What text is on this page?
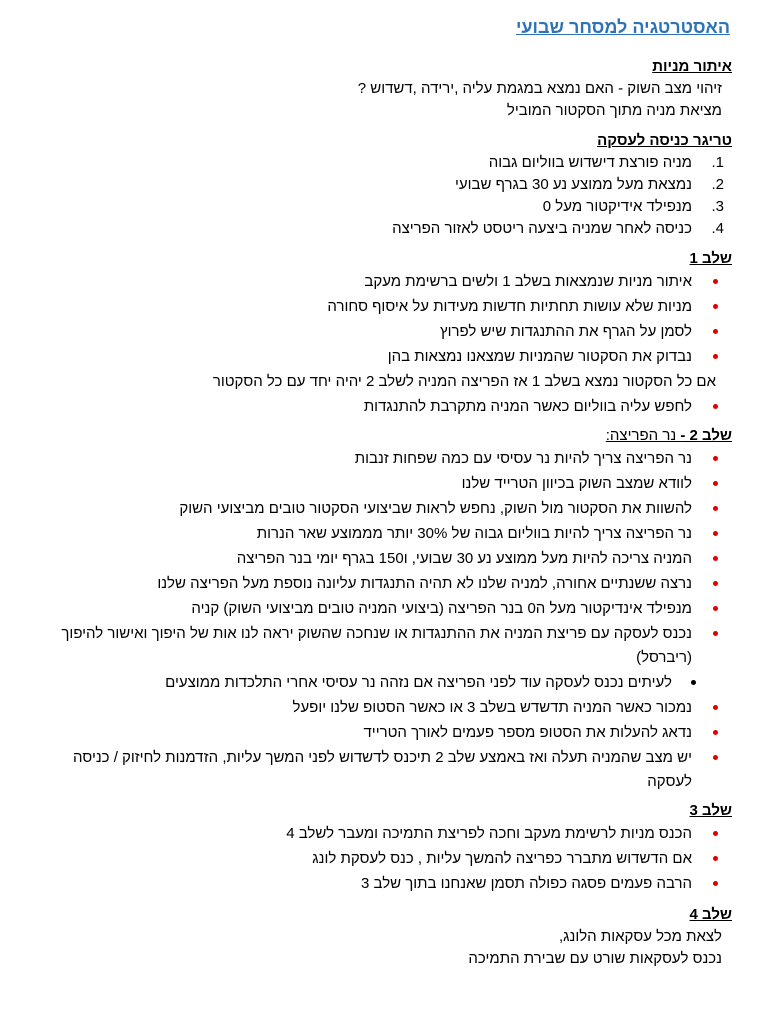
האסטרטגיה למסחר שבועי
איתור מניות
זיהוי מצב השוק - האם נמצא במגמת עליה ,ירידה ,דשדוש ?
מציאת מניה מתוך הסקטור המוביל
טריגר כניסה לעסקה
1.
מניה פורצת דישדוש בווליום גבוה
2.
נמצאת מעל ממוצע נע 30 בגרף שבועי
3.
מנפילד אידיקטור מעל 0
4.
כניסה לאחר שמניה ביצעה ריטסט לאזור הפריצה
שלב 1
איתור מניות שנמצאות בשלב 1 ולשים ברשימת מעקב
מניות שלא עושות תחתיות חדשות מעידות על איסוף סחורה
לסמן על הגרף את ההתנגדות שיש לפרוץ
נבדוק את הסקטור שהמניות שמצאנו נמצאות בהן
אם כל הסקטור נמצא בשלב 1 אז הפריצה המניה לשלב 2 יהיה יחד עם כל הסקטור
לחפש עליה בווליום כאשר המניה מתקרבת להתנגדות
שלב 2 - נר הפריצה:
נר הפריצה צריך להיות נר עסיסי עם כמה שפחות זנבות
לוודא שמצב השוק בכיוון הטרייד שלנו
להשוות את הסקטור מול השוק, נחפש לראות שביצועי הסקטור טובים מביצועי השוק
נר הפריצה צריך להיות בווליום גבוה של 30% יותר מממוצע שאר הנרות
המניה צריכה להיות מעל ממוצע נע 30 שבועי, ו150 בגרף יומי בנר הפריצה
נרצה ששנתיים אחורה, למניה שלנו לא תהיה התנגדות עליונה נוספת מעל הפריצה שלנו
מנפילד אינדיקטור מעל ה0 בנר הפריצה (ביצועי המניה טובים מביצועי השוק) קניה
נכנס לעסקה עם פריצת המניה את ההתנגדות או שנחכה שהשוק יראה לנו אות של היפוך ואישור להיפוך (ריברסל)
לעיתים נכנס לעסקה עוד לפני הפריצה אם נזהה נר עסיסי אחרי התלכדות ממוצעים
נמכור כאשר המניה תדשדש בשלב 3 או כאשר הסטופ שלנו יופעל
נדאג להעלות את הסטופ מספר פעמים לאורך הטרייד
יש מצב שהמניה תעלה ואז באמצע שלב 2 תיכנס לדשדוש לפני המשך עליות, הזדמנות לחיזוק / כניסה לעסקה
שלב 3
הכנס מניות לרשימת מעקב וחכה לפריצת התמיכה ומעבר לשלב 4
אם הדשדוש מתברר כפריצה להמשך עליות , כנס לעסקת לונג
הרבה פעמים פסגה כפולה תסמן שאנחנו בתוך שלב 3
שלב 4
לצאת מכל עסקאות הלונג,
נכנס לעסקאות שורט עם שבירת התמיכה
